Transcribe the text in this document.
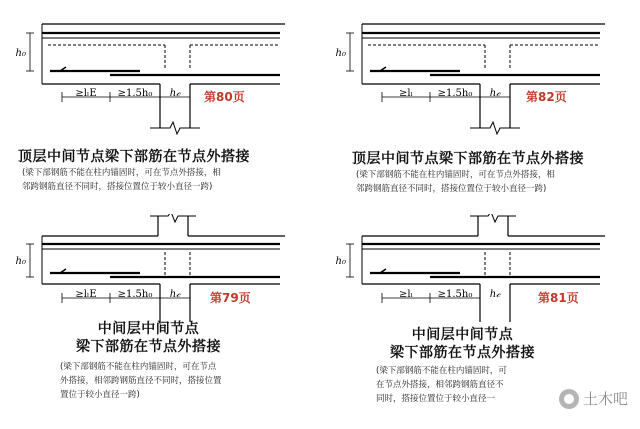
h₀
≥lₗE ≥1.5h₀ h𝒸 第80页
顶层中间节点梁下部筋在节点外搭接
(梁下部钢筋不能在柱内锚固时，可在节点外搭接，相
邻跨钢筋直径不同时，搭接位置位于较小直径一跨)
h₀
≥lₗ ≥1.5h₀ h𝒸 第82页
顶层中间节点梁下部筋在节点外搭接
(梁下部钢筋不能在柱内锚固时，可在节点外搭接，相
邻跨钢筋直径不同时，搭接位置位于较小直径一跨)
h₀
≥lₗE ≥1.5h₀ h𝒸 第79页
中间层中间节点
梁下部筋在节点外搭接
(梁下部钢筋不能在柱内锚固时，可在节点
外搭接，相邻跨钢筋直径不同时，搭接位置
置位于较小直径一跨)
h₀
≥lₗ ≥1.5h₀ h𝒸	第81页
中间层中间节点
梁下部筋在节点外搭接
(梁下部钢筋不能在柱内锚固时，可
在节点外搭接，相邻跨钢筋直径不
同时，搭接位置位于较小直径一	土木吧
